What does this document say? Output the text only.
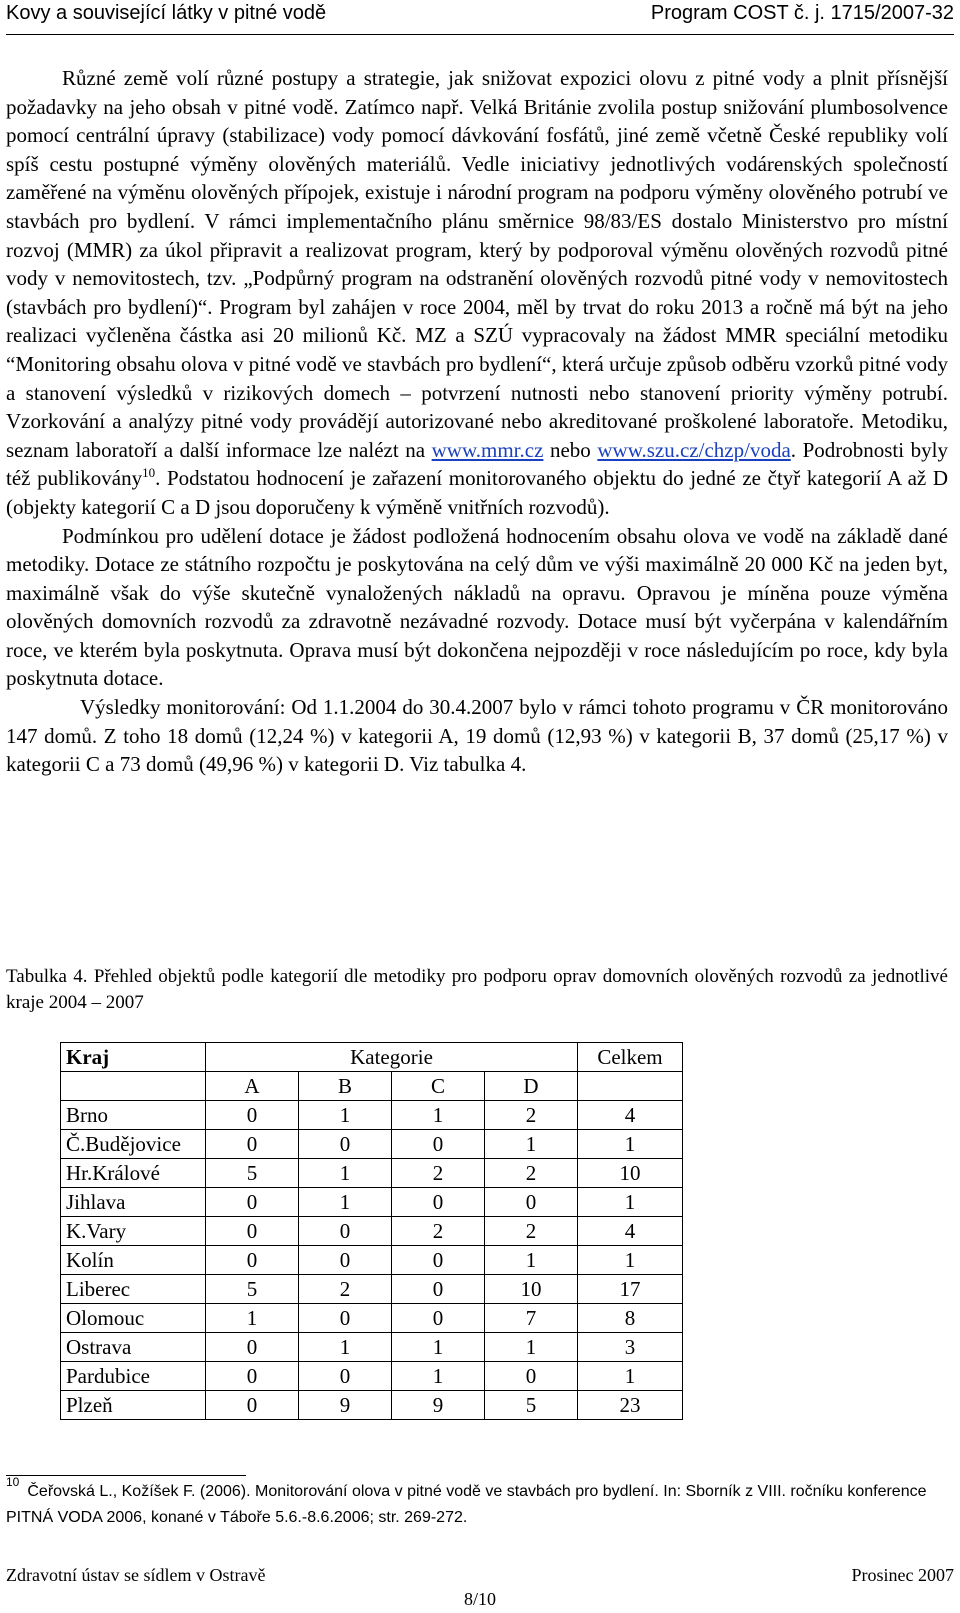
Kovy a související látky v pitné vodě	Program COST č. j. 1715/2007-32

Různé země volí různé postupy a strategie, jak snižovat expozici olovu z pitné vody a plnit přísnější požadavky na jeho obsah v pitné vodě. Zatímco např. Velká Británie zvolila postup snižování plumbosolvence pomocí centrální úpravy (stabilizace) vody pomocí dávkování fosfátů, jiné země včetně České republiky volí spíš cestu postupné výměny olověných materiálů. Vedle iniciativy jednotlivých vodárenských společností zaměřené na výměnu olověných přípojek, existuje i národní program na podporu výměny olověného potrubí ve stavbách pro bydlení. V rámci implementačního plánu směrnice 98/83/ES dostalo Ministerstvo pro místní rozvoj (MMR) za úkol připravit a realizovat program, který by podporoval výměnu olověných rozvodů pitné vody v nemovitostech, tzv. „Podpůrný program na odstranění olověných rozvodů pitné vody v nemovitostech (stavbách pro bydlení)“. Program byl zahájen v roce 2004, měl by trvat do roku 2013 a ročně má být na jeho realizaci vyčleněna částka asi 20 milionů Kč. MZ a SZÚ vypracovaly na žádost MMR speciální metodiku “Monitoring obsahu olova v pitné vodě ve stavbách pro bydlení“, která určuje způsob odběru vzorků pitné vody a stanovení výsledků v rizikových domech – potvrzení nutnosti nebo stanovení priority výměny potrubí. Vzorkování a analýzy pitné vody provádějí autorizované nebo akreditované proškolené laboratoře. Metodiku, seznam laboratoří a další informace lze nalézt na www.mmr.cz nebo www.szu.cz/chzp/voda. Podrobnosti byly též publikovány$^{10}$. Podstatou hodnocení je zařazení monitorovaného objektu do jedné ze čtyř kategorií A až D (objekty kategorií C a D jsou doporučeny k výměně vnitřních rozvodů).

Podmínkou pro udělení dotace je žádost podložená hodnocením obsahu olova ve vodě na základě dané metodiky. Dotace ze státního rozpočtu je poskytována na celý dům ve výši maximálně 20 000 Kč na jeden byt, maximálně však do výše skutečně vynaložených nákladů na opravu. Opravou je míněna pouze výměna olověných domovních rozvodů za zdravotně nezávadné rozvody. Dotace musí být vyčerpána v kalendářním roce, ve kterém byla poskytnuta. Oprava musí být dokončena nejpozději v roce následujícím po roce, kdy byla poskytnuta dotace.

Výsledky monitorování: Od 1.1.2004 do 30.4.2007 bylo v rámci tohoto programu v ČR monitorováno 147 domů. Z toho 18 domů (12,24 %) v kategorii A, 19 domů (12,93 %) v kategorii B, 37 domů (25,17 %) v kategorii C a 73 domů (49,96 %) v kategorii D. Viz tabulka 4.

Tabulka 4. Přehled objektů podle kategorií dle metodiky pro podporu oprav domovních olověných rozvodů za jednotlivé kraje 2004 – 2007
Kraj	Kategorie				Celkem
	A	B	C	D	
Brno	0	1	1	2	4
Č.Budějovice	0	0	0	1	1
Hr.Králové	5	1	2	2	10
Jihlava	0	1	0	0	1
K.Vary	0	0	2	2	4
Kolín	0	0	0	1	1
Liberec	5	2	0	10	17
Olomouc	1	0	0	7	8
Ostrava	0	1	1	1	3
Pardubice	0	0	1	0	1
Plzeň	0	9	9	5	23
$^{10}$Čeřovská L., Kožíšek F. (2006). Monitorování olova v pitné vodě ve stavbách pro bydlení. In: Sborník z VIII. ročníku konference PITNÁ VODA 2006, konané v Táboře 5.6.-8.6.2006; str. 269-272.
Zdravotní ústav se sídlem v Ostravě	Prosinec 2007
8/10
